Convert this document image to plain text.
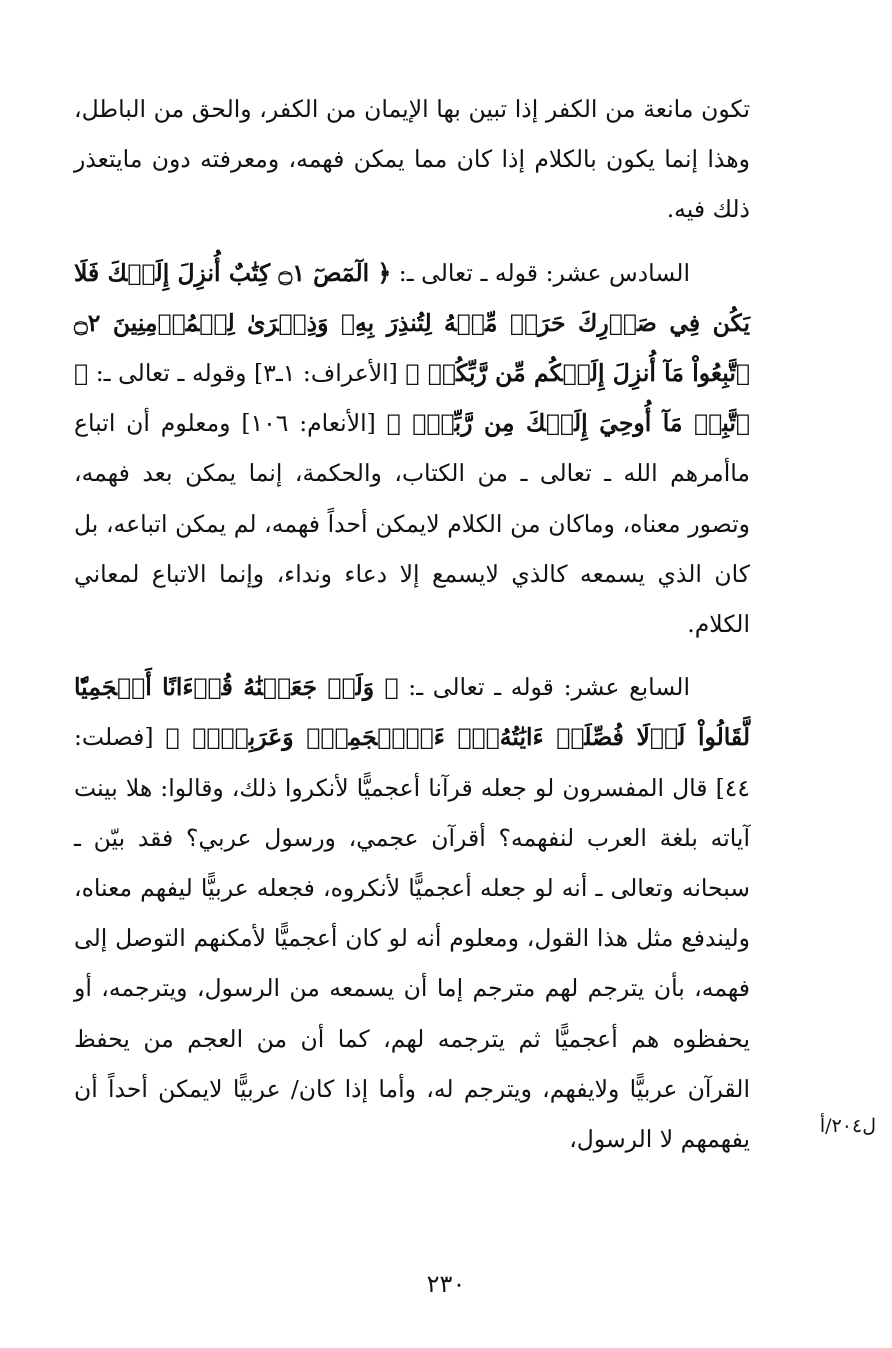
تكون مانعة من الكفر إذا تبين بها الإيمان من الكفر، والحق من الباطل، وهذا إنما يكون بالكلام إذا كان مما يمكن فهمه، ومعرفته دون مايتعذر ذلك فيه.

السادس عشر: قوله ـ تعالى ـ: ﴿ الٓمٓصٓ ۝١ كِتَٰبٌ أُنزِلَ إِلَيۡكَ فَلَا يَكُن فِي صَدۡرِكَ حَرَجٞ مِّنۡهُ لِتُنذِرَ بِهِۦ وَذِكۡرَىٰ لِلۡمُؤۡمِنِينَ ۝٢ ٱتَّبِعُواْ مَآ أُنزِلَ إِلَيۡكُم مِّن رَّبِّكُمۡ ﴾ [الأعراف: ١ـ٣] وقوله ـ تعالى ـ: ﴿ ٱتَّبِعۡ مَآ أُوحِيَ إِلَيۡكَ مِن رَّبِّكَۖ ﴾ [الأنعام: ١٠٦] ومعلوم أن اتباع ماأمرهم الله ـ تعالى ـ من الكتاب، والحكمة، إنما يمكن بعد فهمه، وتصور معناه، وماكان من الكلام لايمكن أحداً فهمه، لم يمكن اتباعه، بل كان الذي يسمعه كالذي لايسمع إلا دعاء ونداء، وإنما الاتباع لمعاني الكلام.

السابع عشر: قوله ـ تعالى ـ: ﴿ وَلَوۡ جَعَلۡنَٰهُ قُرۡءَانًا أَعۡجَمِيّٗا لَّقَالُواْ لَوۡلَا فُصِّلَتۡ ءَايَٰتُهُۥٓۖ ءَا۬عۡجَمِيّٞ وَعَرَبِيّٞۗ ﴾ [فصلت: ٤٤] قال المفسرون لو جعله قرآنا أعجميًّا لأنكروا ذلك، وقالوا: هلا بينت آياته بلغة العرب لنفهمه؟ أقرآن عجمي، ورسول عربي؟ فقد بيّن ـ سبحانه وتعالى ـ أنه لو جعله أعجميًّا لأنكروه، فجعله عربيًّا ليفهم معناه، وليندفع مثل هذا القول، ومعلوم أنه لو كان أعجميًّا لأمكنهم التوصل إلى فهمه، بأن يترجم لهم مترجم إما أن يسمعه من الرسول، ويترجمه، أو يحفظوه هم أعجميًّا ثم يترجمه لهم، كما أن من العجم من يحفظ القرآن عربيًّا ولايفهم، ويترجم له، وأما إذا كان/ عربيًّا لايمكن أحداً أن يفهمهم لا الرسول،	ل٢٠٤/أ
٢٣٠
